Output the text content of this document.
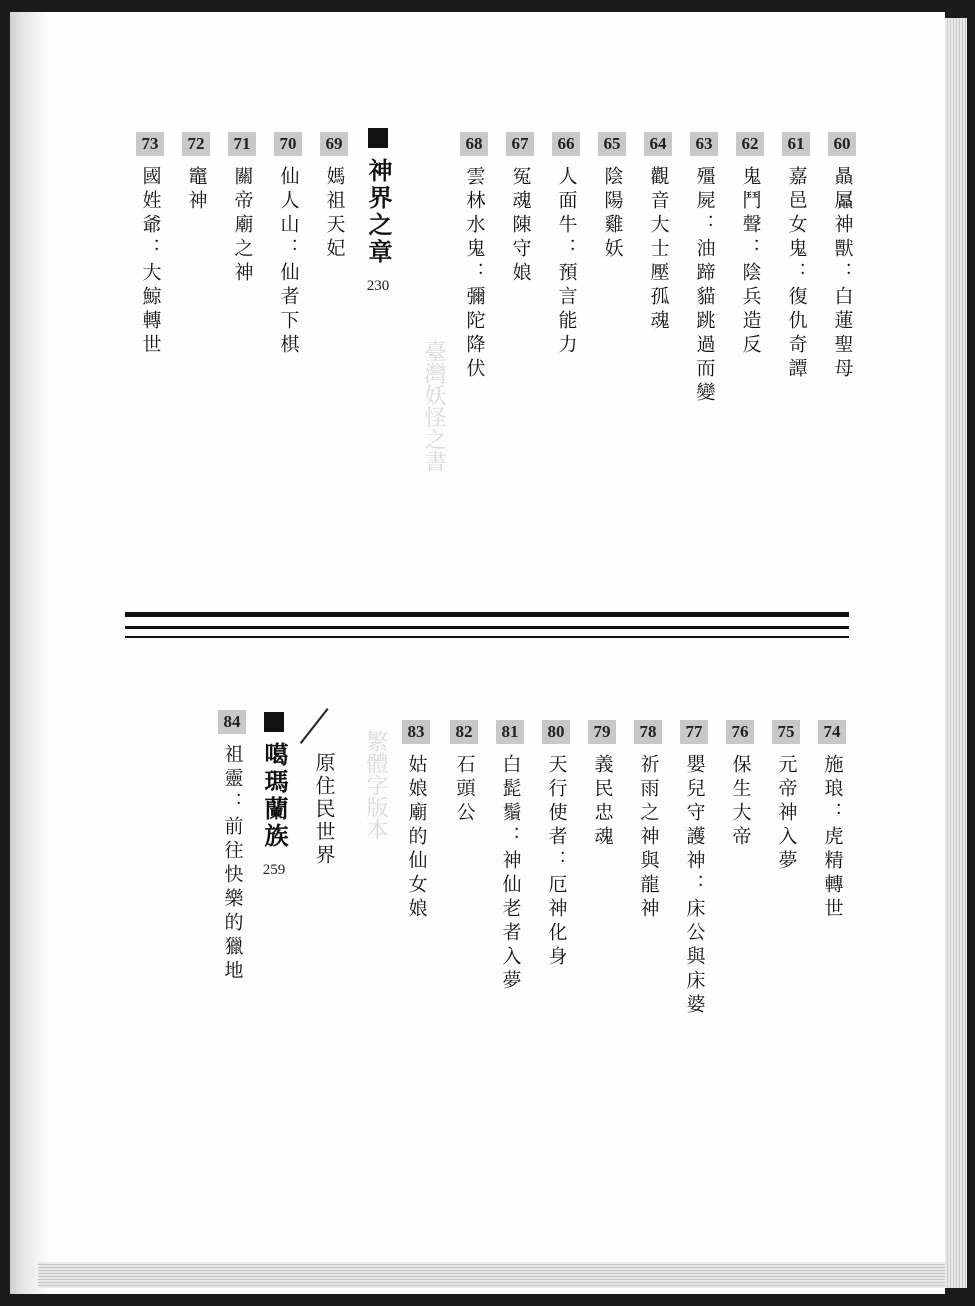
臺灣妖怪之書
繁體字版本
60
贔屭神獸：白蓮聖母
61
嘉邑女鬼：復仇奇譚
62
鬼鬥聲：陰兵造反
63
殭屍：油蹄貓跳過而變
64
觀音大士壓孤魂
65
陰陽雞妖
66
人面牛：預言能力
67
冤魂陳守娘
68
雲林水鬼：彌陀降伏
神界之章
230
69
媽祖天妃
70
仙人山：仙者下棋
71
關帝廟之神
72
竈神
73
國姓爺：大鯨轉世
74
施琅：虎精轉世
75
元帝神入夢
76
保生大帝
77
嬰兒守護神：床公與床婆
78
祈雨之神與龍神
79
義民忠魂
80
天行使者：厄神化身
81
白髭鬚：神仙老者入夢
82
石頭公
83
姑娘廟的仙女娘
原住民世界
噶瑪蘭族
259
84
祖靈：前往快樂的獵地
